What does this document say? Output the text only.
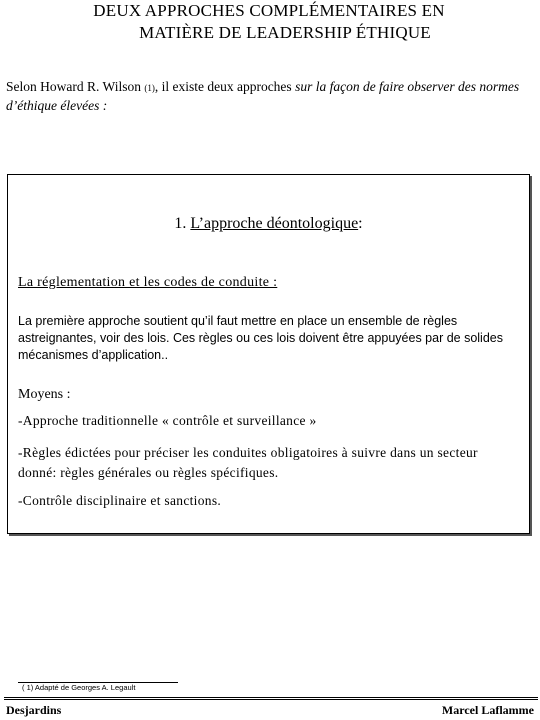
DEUX APPROCHES COMPLÉMENTAIRES EN
MATIÈRE DE LEADERSHIP ÉTHIQUE
Selon Howard R. Wilson (1), il existe deux approches sur la façon de faire observer des normes d’éthique élevées :
1. L’approche déontologique:
La réglementation et les codes de conduite :
La première approche soutient qu’il faut mettre en place un ensemble de règles astreignantes, voir des lois. Ces règles ou ces lois doivent être appuyées par de solides mécanismes d’application..
Moyens :
-Approche traditionnelle « contrôle et surveillance »
-Règles édictées pour préciser les conduites obligatoires à suivre dans un secteur donné: règles générales ou règles spécifiques.
-Contrôle disciplinaire et sanctions.
( 1) Adapté de Georges A. Legault
Desjardins	Marcel Laflamme
